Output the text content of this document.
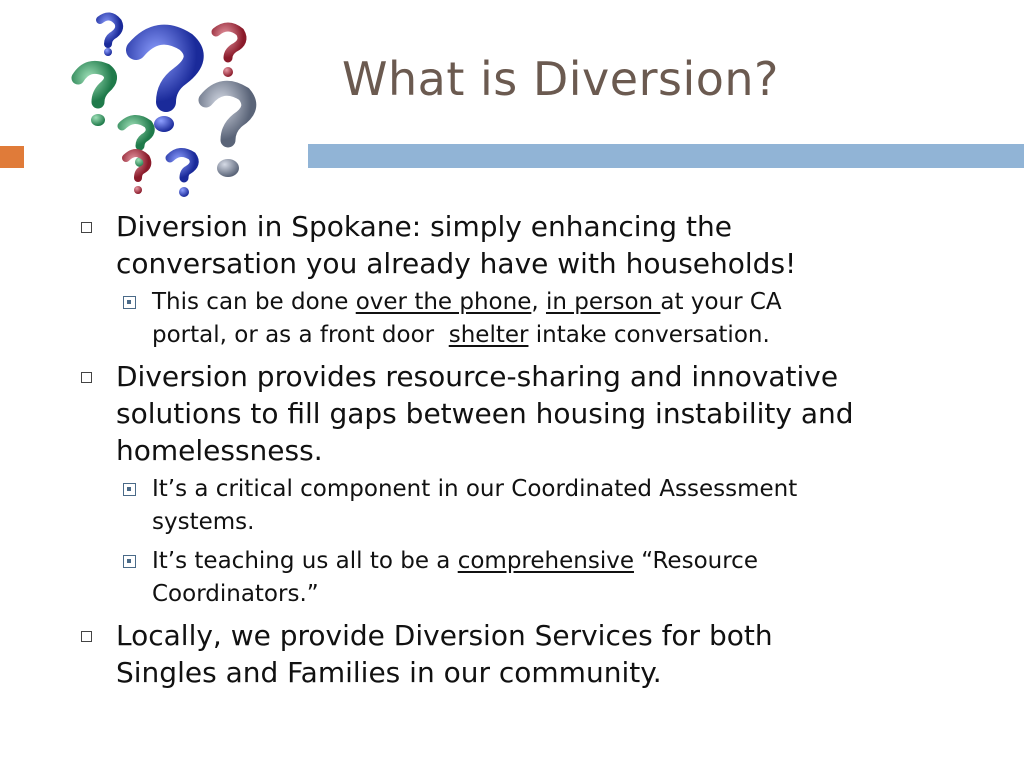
What is Diversion?
Diversion in Spokane: simply enhancing the conversation you already have with households!
This can be done over the phone, in person at your CA portal, or as a front door  shelter intake conversation.
Diversion provides resource-sharing and innovative solutions to fill gaps between housing instability and homelessness.
It’s a critical component in our Coordinated Assessment systems.
It’s teaching us all to be a comprehensive “Resource Coordinators.”
Locally, we provide Diversion Services for both Singles and Families in our community.
